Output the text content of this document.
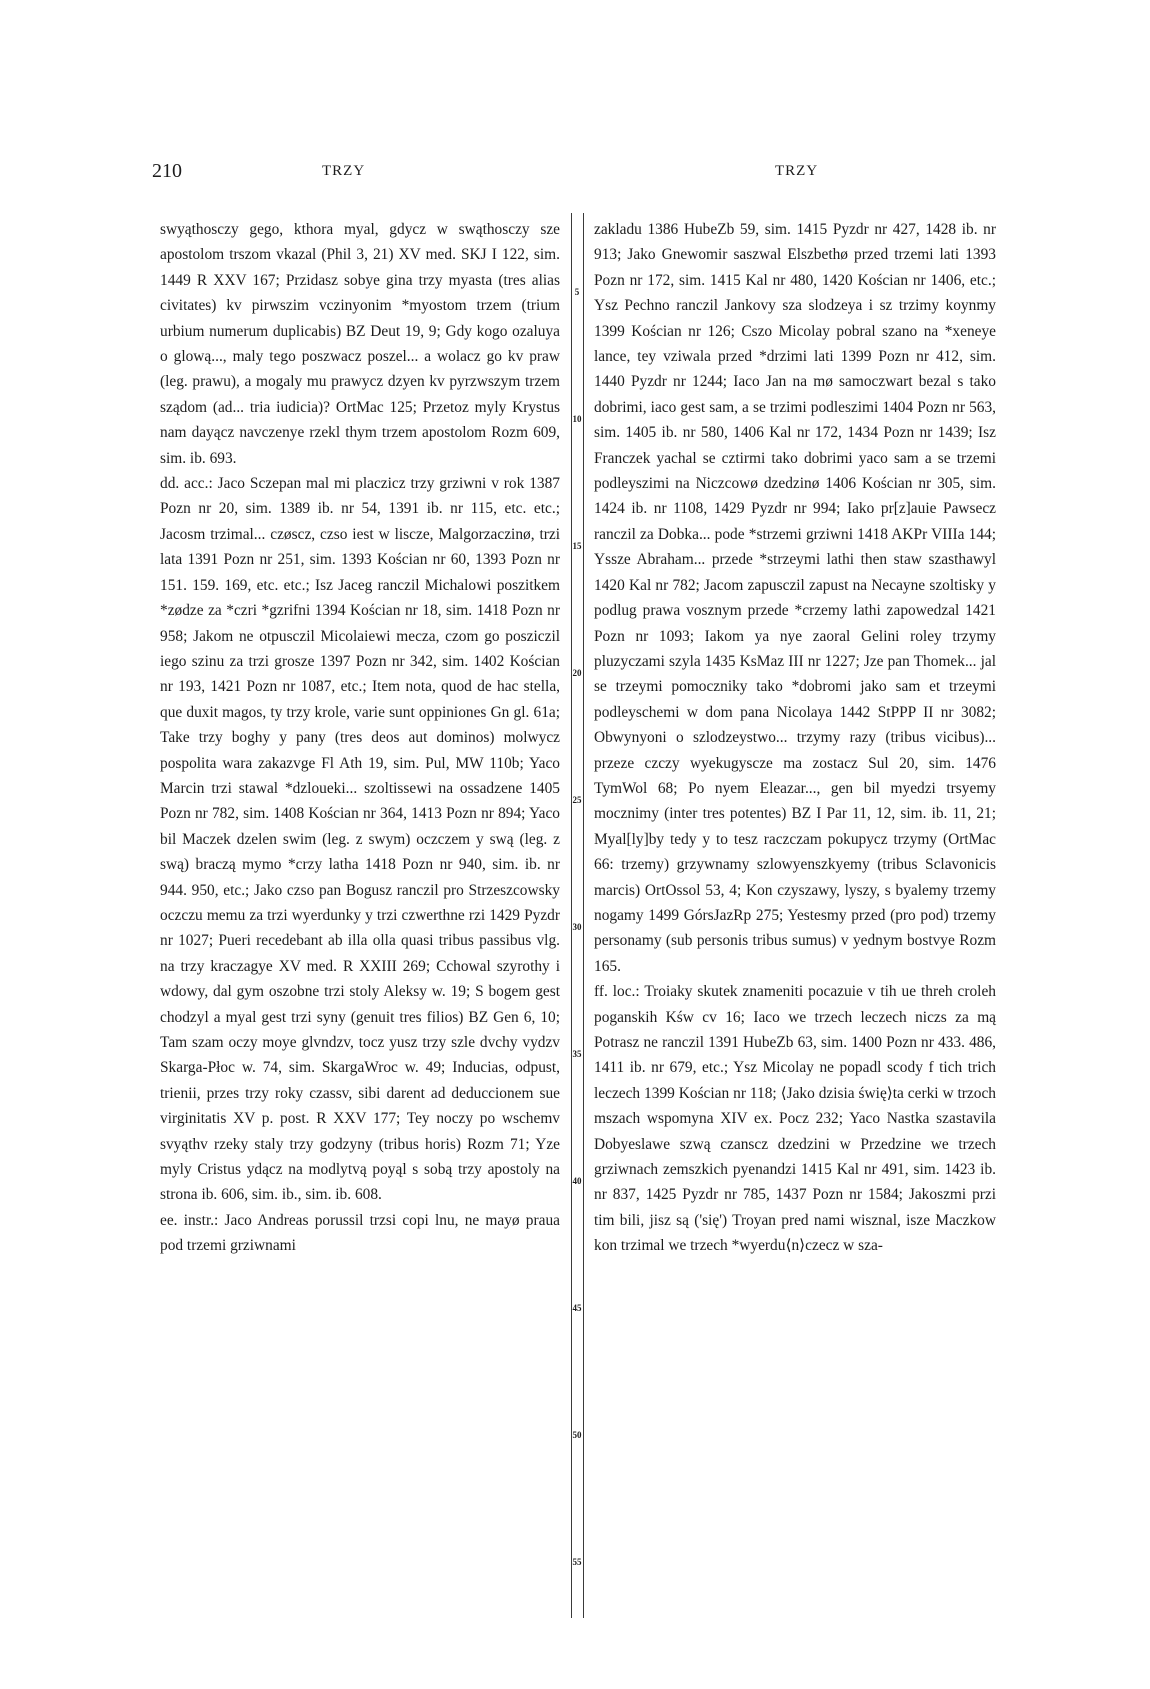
210	TRZY	TRZY
5
10
15
20
25
30
35
40
45
50
55

swyąthosczy gego, kthora myal, gdycz w swąthosczy sze apostolom trszom vkazal (Phil 3, 21) XV med. SKJ I 122, sim. 1449 R XXV 167; Przidasz sobye gina trzy myasta (tres alias civitates) kv pirwszim vczinyonim *myostom trzem (trium urbium numerum duplicabis) BZ Deut 19, 9; Gdy kogo ozaluya o glową..., maly tego poszwacz poszel... a wolacz go kv praw (leg. prawu), a mogaly mu prawycz dzyen kv pyrzwszym trzem sządom (ad... tria iudicia)? OrtMac 125; Przetoz myly Krystus nam dayącz navczenye rzekl thym trzem apostolom Rozm 609, sim. ib. 693.

dd. acc.: Jaco Sczepan mal mi placzicz trzy grziwni v rok 1387 Pozn nr 20, sim. 1389 ib. nr 54, 1391 ib. nr 115, etc. etc.; Jacosm trzimal... czøscz, czso iest w liscze, Malgorzaczinø, trzi lata 1391 Pozn nr 251, sim. 1393 Kościan nr 60, 1393 Pozn nr 151. 159. 169, etc. etc.; Isz Jaceg ranczil Michalowi poszitkem *zødze za *czri *gzrifni 1394 Kościan nr 18, sim. 1418 Pozn nr 958; Jakom ne otpusczil Micolaiewi mecza, czom go posziczil iego szinu za trzi grosze 1397 Pozn nr 342, sim. 1402 Kościan nr 193, 1421 Pozn nr 1087, etc.; Item nota, quod de hac stella, que duxit magos, ty trzy krole, varie sunt oppiniones Gn gl. 61a; Take trzy boghy y pany (tres deos aut dominos) molwycz pospolita wara zakazvge Fl Ath 19, sim. Pul, MW 110b; Yaco Marcin trzi stawal *dzloueki... szoltissewi na ossadzene 1405 Pozn nr 782, sim. 1408 Kościan nr 364, 1413 Pozn nr 894; Yaco bil Maczek dzelen swim (leg. z swym) oczczem y swą (leg. z swą) braczą mymo *crzy latha 1418 Pozn nr 940, sim. ib. nr 944. 950, etc.; Jako czso pan Bogusz ranczil pro Strzeszcowsky oczczu memu za trzi wyerdunky y trzi czwerthne rzi 1429 Pyzdr nr 1027; Pueri recedebant ab illa olla quasi tribus passibus vlg. na trzy kraczagye XV med. R XXIII 269; Cchowal szyrothy i wdowy, dal gym oszobne trzi stoly Aleksy w. 19; S bogem gest chodzyl a myal gest trzi syny (genuit tres filios) BZ Gen 6, 10; Tam szam oczy moye glvndzv, tocz yusz trzy szle dvchy vydzv Skarga-Płoc w. 74, sim. SkargaWroc w. 49; Inducias, odpust, trienii, przes trzy roky czassv, sibi darent ad deduccionem sue virginitatis XV p. post. R XXV 177; Tey noczy po wschemv svyąthv rzeky staly trzy godzyny (tribus horis) Rozm 71; Yze myly Cristus ydącz na modlytvą poyąl s sobą trzy apostoly na strona ib. 606, sim. ib., sim. ib. 608.

ee. instr.: Jaco Andreas porussil trzsi copi lnu, ne mayø praua pod trzemi grziwnami

zakladu 1386 HubeZb 59, sim. 1415 Pyzdr nr 427, 1428 ib. nr 913; Jako Gnewomir saszwal Elszbethø przed trzemi lati 1393 Pozn nr 172, sim. 1415 Kal nr 480, 1420 Kościan nr 1406, etc.; Ysz Pechno ranczil Jankovy sza slodzeya i sz trzimy koynmy 1399 Kościan nr 126; Cszo Micolay pobral szano na *xeneye lance, tey vziwala przed *drzimi lati 1399 Pozn nr 412, sim. 1440 Pyzdr nr 1244; Iaco Jan na mø samoczwart bezal s tako dobrimi, iaco gest sam, a se trzimi podleszimi 1404 Pozn nr 563, sim. 1405 ib. nr 580, 1406 Kal nr 172, 1434 Pozn nr 1439; Isz Franczek yachal se cztirmi tako dobrimi yaco sam a se trzemi podleyszimi na Niczcowø dzedzinø 1406 Kościan nr 305, sim. 1424 ib. nr 1108, 1429 Pyzdr nr 994; Iako pr[z]auie Pawsecz ranczil za Dobka... pode *strzemi grziwni 1418 AKPr VIIIa 144; Yssze Abraham... przede *strzeymi lathi then staw szasthawyl 1420 Kal nr 782; Jacom zapusczil zapust na Necayne szoltisky y podlug prawa vosznym przede *crzemy lathi zapowedzal 1421 Pozn nr 1093; Iakom ya nye zaoral Gelini roley trzymy pluzyczami szyla 1435 KsMaz III nr 1227; Jze pan Thomek... jal se trzeymi pomoczniky tako *dobromi jako sam et trzeymi podleyschemi w dom pana Nicolaya 1442 StPPP II nr 3082; Obwynyoni o szlodzeystwo... trzymy razy (tribus vicibus)... przeze czczy wyekugyscze ma zostacz Sul 20, sim. 1476 TymWol 68; Po nyem Eleazar..., gen bil myedzi trsyemy mocznimy (inter tres potentes) BZ I Par 11, 12, sim. ib. 11, 21; Myal[ly]by tedy y to tesz raczczam pokupycz trzymy (OrtMac 66: trzemy) grzywnamy szlowyenszkyemy (tribus Sclavonicis marcis) OrtOssol 53, 4; Kon czyszawy, lyszy, s byalemy trzemy nogamy 1499 GórsJazRp 275; Yestesmy przed (pro pod) trzemy personamy (sub personis tribus sumus) v yednym bostvye Rozm 165.

ff. loc.: Troiaky skutek znameniti pocazuie v tih ue threh croleh poganskih Kśw cv 16; Iaco we trzech leczech niczs za mą Potrasz ne ranczil 1391 HubeZb 63, sim. 1400 Pozn nr 433. 486, 1411 ib. nr 679, etc.; Ysz Micolay ne popadl scody f tich trich leczech 1399 Kościan nr 118; ⟨Jako dzisia świę⟩ta cerki w trzoch mszach wspomyna XIV ex. Pocz 232; Yaco Nastka szastavila Dobyeslawe szwą czanscz dzedzini w Przedzine we trzech grziwnach zemszkich pyenandzi 1415 Kal nr 491, sim. 1423 ib. nr 837, 1425 Pyzdr nr 785, 1437 Pozn nr 1584; Jakoszmi przi tim bili, jisz są ('się') Troyan pred nami wisznal, isze Maczkow kon trzimal we trzech *wyerdu⟨n⟩czecz w sza-
